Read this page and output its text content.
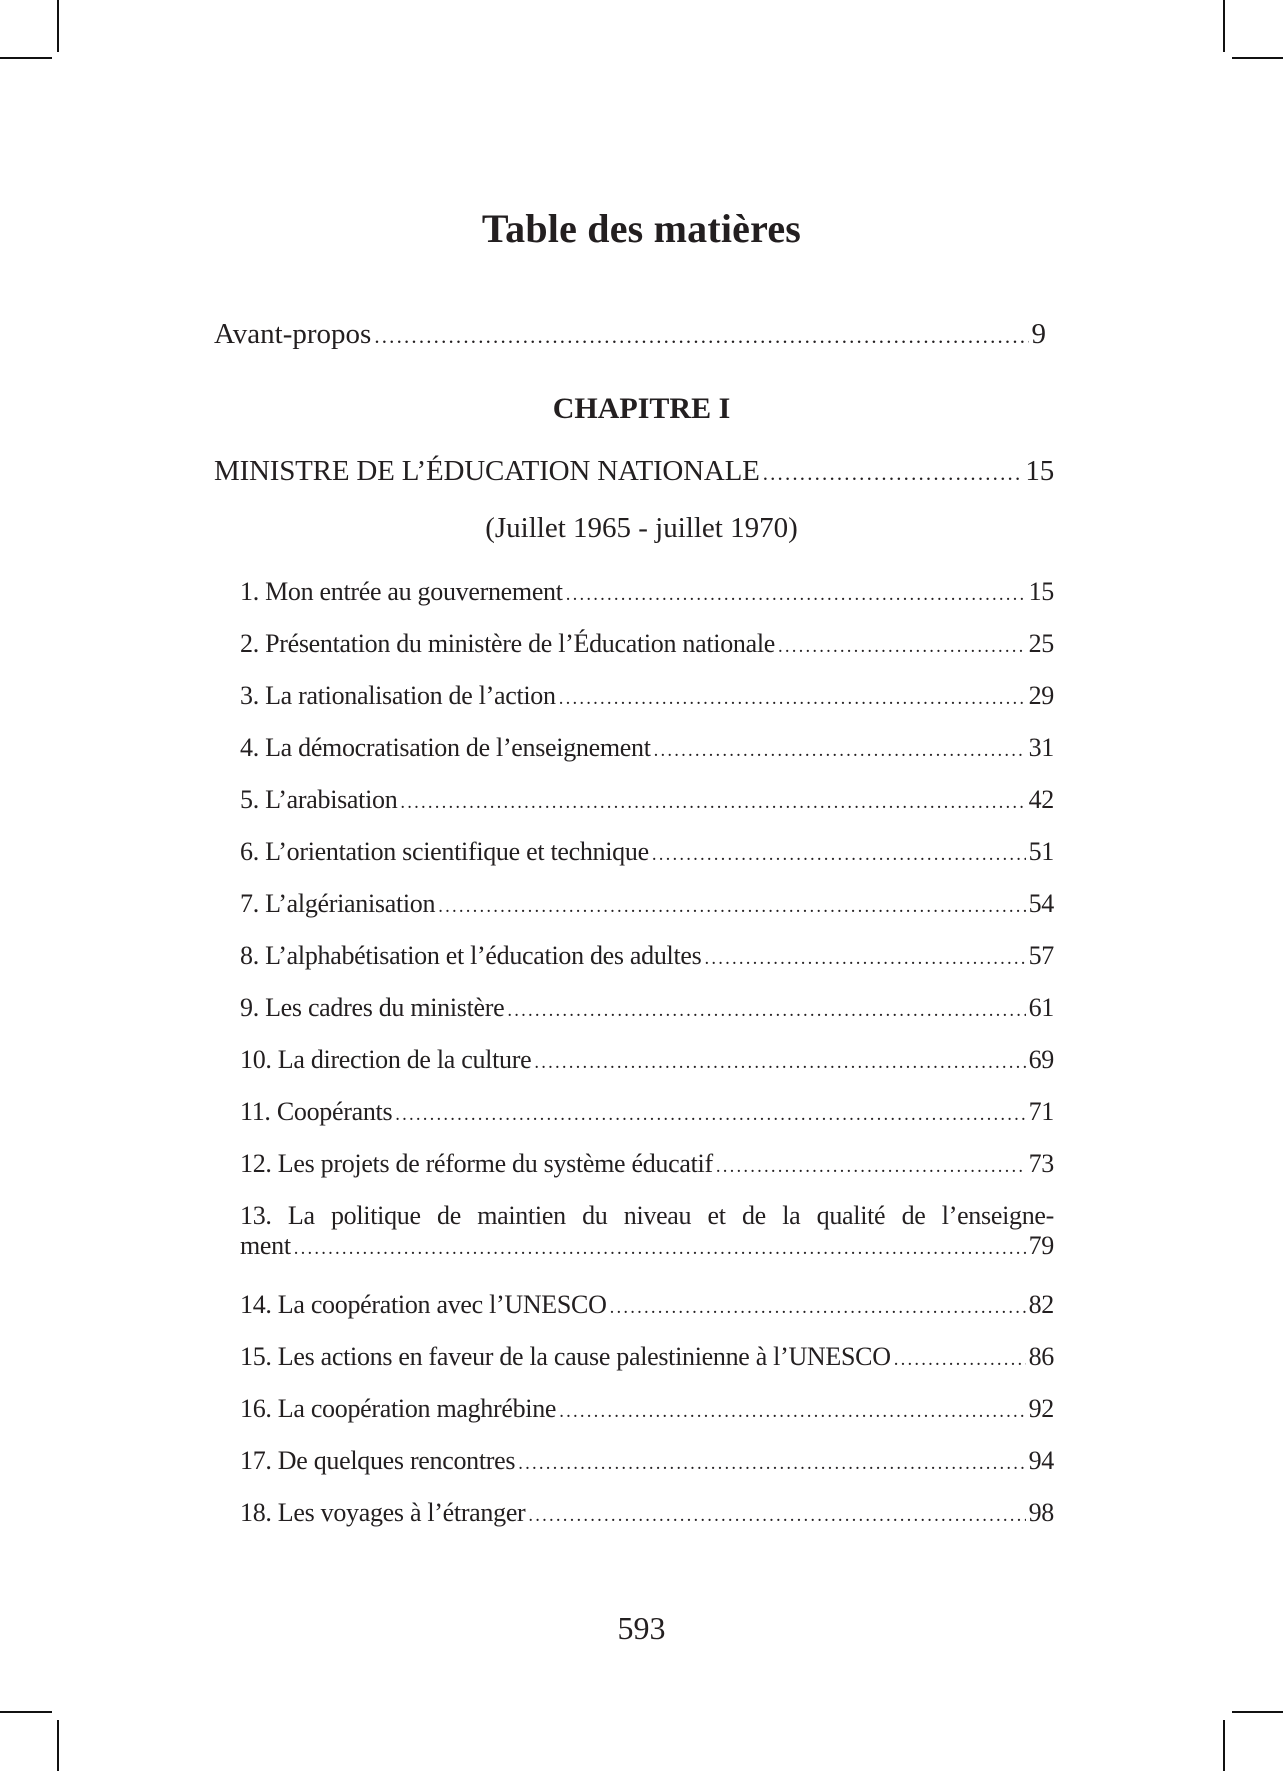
Table des matières
Avant-propos .....	9
CHAPITRE I
MINISTRE DE L’ÉDUCATION NATIONALE .....	15
(Juillet 1965 - juillet 1970)
1. Mon entrée au gouvernement .....	15
2. Présentation du ministère de l’Éducation nationale .....	25
3. La rationalisation de l’action .....	29
4. La démocratisation de l’enseignement .....	31
5. L’arabisation .....	42
6. L’orientation scientifique et technique .....	51
7. L’algérianisation .....	54
8. L’alphabétisation et l’éducation des adultes .....	57
9. Les cadres du ministère .....	61
10. La direction de la culture .....	69
11. Coopérants .....	71
12. Les projets de réforme du système éducatif .....	73
13. La politique de maintien du niveau et de la qualité de l’enseigne-
ment .....	79
14. La coopération avec l’UNESCO .....	82
15. Les actions en faveur de la cause palestinienne à l’UNESCO .....	86
16. La coopération maghrébine .....	92
17. De quelques rencontres .....	94
18. Les voyages à l’étranger .....	98
593
